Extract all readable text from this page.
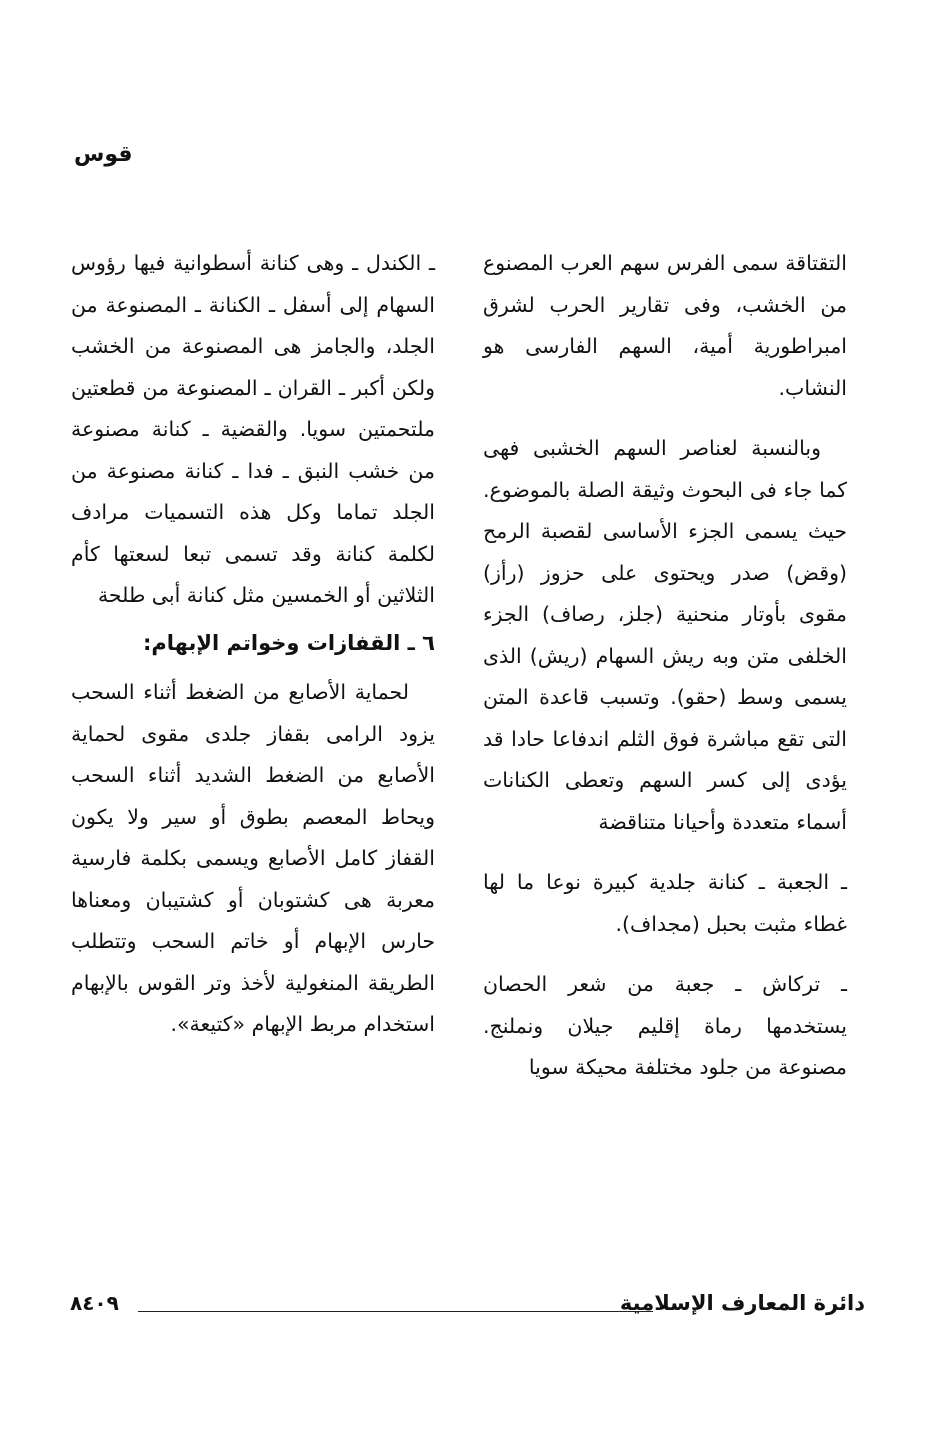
قوس

التقتاقة سمى الفرس سهم العرب المصنوع من الخشب، وفى تقارير الحرب لشرق امبراطورية أمية، السهم الفارسى هو النشاب.

وبالنسبة لعناصر السهم الخشبى فهى كما جاء فى البحوث وثيقة الصلة بالموضوع. حيث يسمى الجزء الأساسى لقصبة الرمح (وقض) صدر ويحتوى على حزوز (رأز) مقوى بأوتار منحنية (جلز، رصاف) الجزء الخلفى متن وبه ريش السهام (ريش) الذى يسمى وسط (حقو). وتسبب قاعدة المتن التى تقع مباشرة فوق الثلم اندفاعا حادا قد يؤدى إلى كسر السهم وتعطى الكنانات أسماء متعددة وأحيانا متناقضة

ـ الجعبة ـ كنانة جلدية كبيرة نوعا ما لها غطاء مثبت بحبل (مجداف).

ـ تركاش ـ جعبة من شعر الحصان يستخدمها رماة إقليم جيلان ونملنج. مصنوعة من جلود مختلفة محيكة سويا

ـ الكندل ـ وهى كنانة أسطوانية فيها رؤوس السهام إلى أسفل ـ الكنانة ـ المصنوعة من الجلد، والجامز هى المصنوعة من الخشب ولكن أكبر ـ القران ـ المصنوعة من قطعتين ملتحمتين سويا. والقضية ـ كنانة مصنوعة من خشب النبق ـ فدا ـ كنانة مصنوعة من الجلد تماما وكل هذه التسميات مرادف لكلمة كنانة وقد تسمى تبعا لسعتها كأم الثلاثين أو الخمسين مثل كنانة أبى طلحة

٦ ـ القفازات وخواتم الإبهام:

لحماية الأصابع من الضغط أثناء السحب يزود الرامى بقفاز جلدى مقوى لحماية الأصابع من الضغط الشديد أثناء السحب ويحاط المعصم بطوق أو سير ولا يكون القفاز كامل الأصابع ويسمى بكلمة فارسية معربة هى كشتوبان أو كشتيبان ومعناها حارس الإبهام أو خاتم السحب وتتطلب الطريقة المنغولية لأخذ وتر القوس بالإبهام استخدام مربط الإبهام «كتيعة».

دائرة المعارف الإسلامية
٨٤٠٩
